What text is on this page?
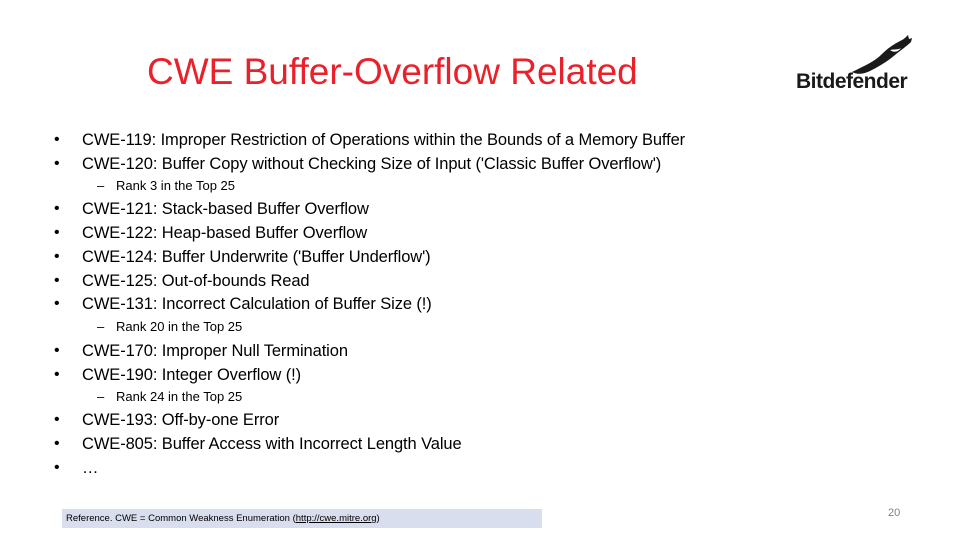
CWE Buffer-Overflow Related	Bitdefender
• CWE-119: Improper Restriction of Operations within the Bounds of a Memory Buffer
• CWE-120: Buffer Copy without Checking Size of Input ('Classic Buffer Overflow')
– Rank 3 in the Top 25
• CWE-121: Stack-based Buffer Overflow
• CWE-122: Heap-based Buffer Overflow
• CWE-124: Buffer Underwrite ('Buffer Underflow')
• CWE-125: Out-of-bounds Read
• CWE-131: Incorrect Calculation of Buffer Size (!)
– Rank 20 in the Top 25
• CWE-170: Improper Null Termination
• CWE-190: Integer Overflow (!)
– Rank 24 in the Top 25
• CWE-193: Off-by-one Error
• CWE-805: Buffer Access with Incorrect Length Value
• …
Reference. CWE = Common Weakness Enumeration (http://cwe.mitre.org)	20
